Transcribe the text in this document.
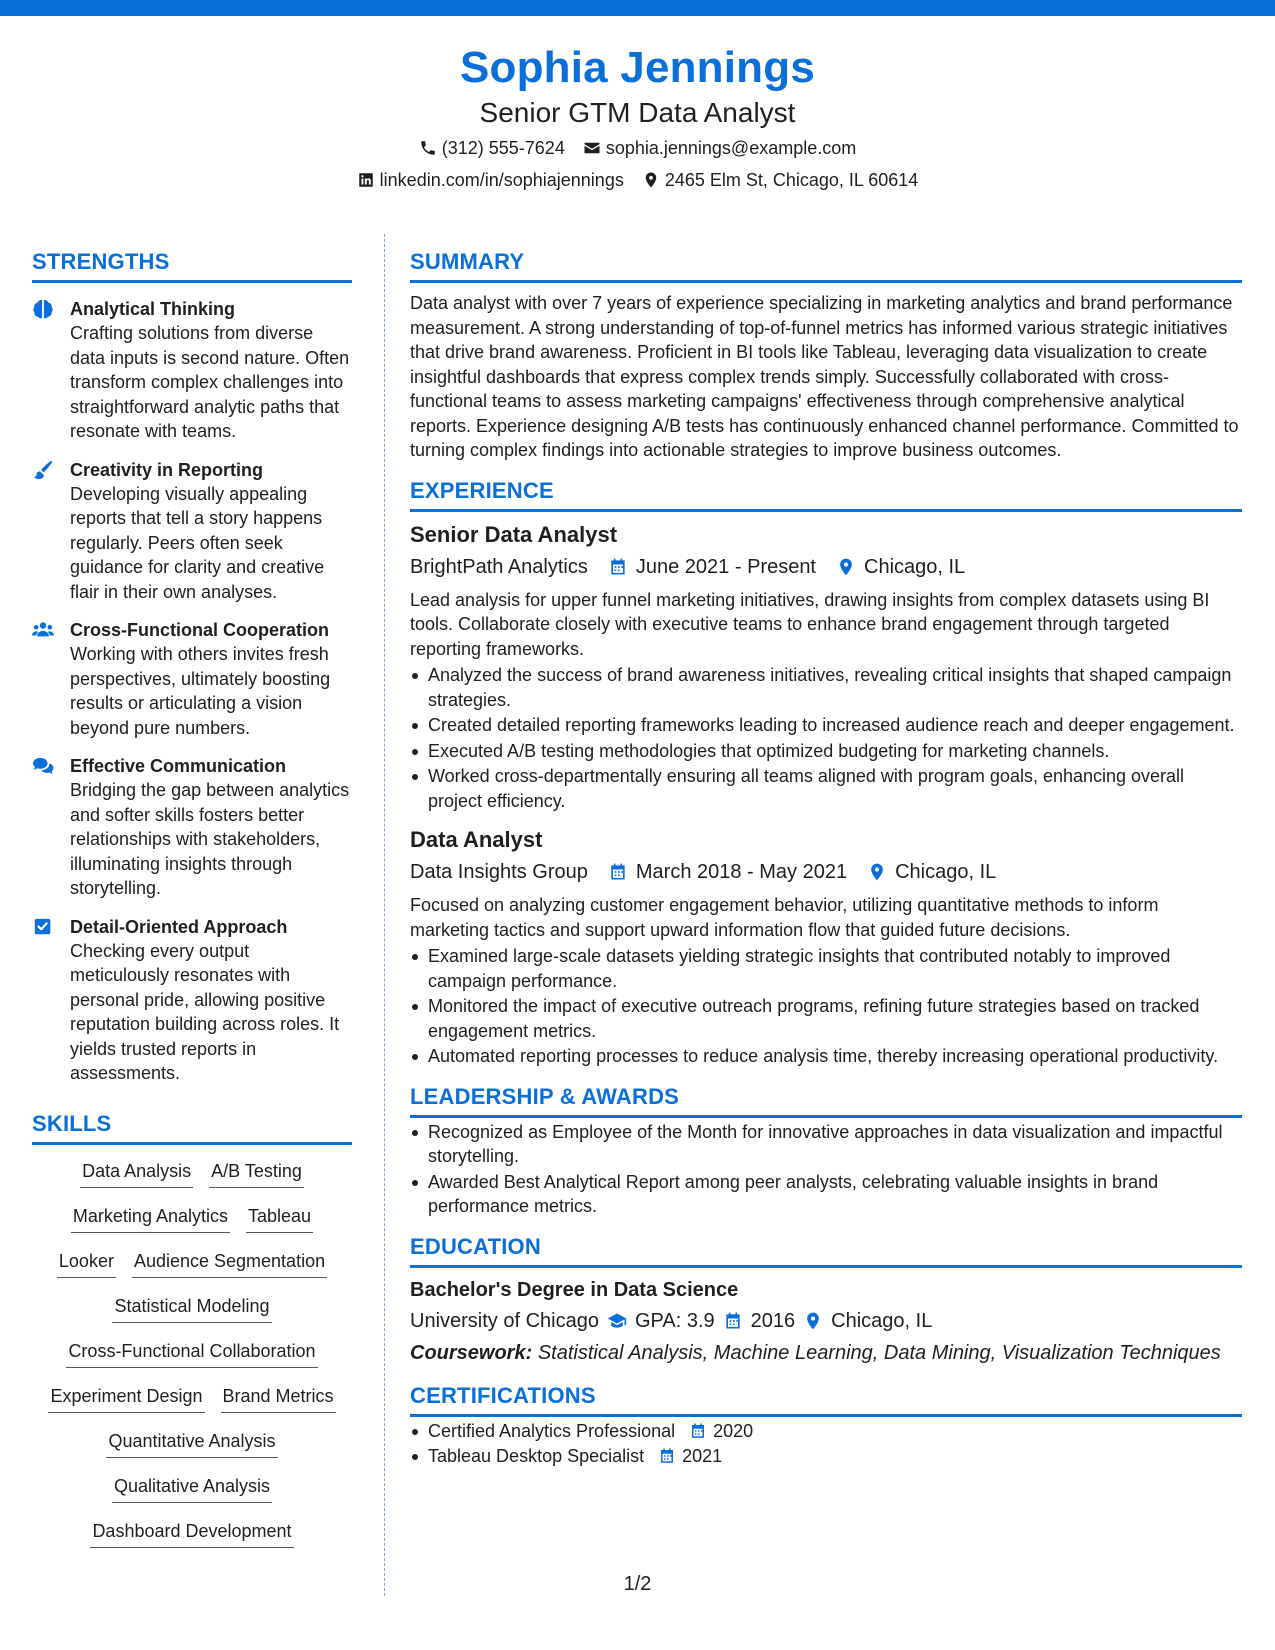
Sophia Jennings
Senior GTM Data Analyst
(312) 555-7624 sophia.jennings@example.com
linkedin.com/in/sophiajennings 2465 Elm St, Chicago, IL 60614
STRENGTHS
Analytical Thinking
Crafting solutions from diverse data inputs is second nature. Often transform complex challenges into straightforward analytic paths that resonate with teams.
Creativity in Reporting
Developing visually appealing reports that tell a story happens regularly. Peers often seek guidance for clarity and creative flair in their own analyses.
Cross-Functional Cooperation
Working with others invites fresh perspectives, ultimately boosting results or articulating a vision beyond pure numbers.
Effective Communication
Bridging the gap between analytics and softer skills fosters better relationships with stakeholders, illuminating insights through storytelling.
Detail-Oriented Approach
Checking every output meticulously resonates with personal pride, allowing positive reputation building across roles. It yields trusted reports in assessments.
SKILLS
Data Analysis A/B Testing
Marketing Analytics Tableau
Looker Audience Segmentation
Statistical Modeling
Cross-Functional Collaboration
Experiment Design Brand Metrics
Quantitative Analysis
Qualitative Analysis
Dashboard Development
SUMMARY
Data analyst with over 7 years of experience specializing in marketing analytics and brand performance measurement. A strong understanding of top-of-funnel metrics has informed various strategic initiatives that drive brand awareness. Proficient in BI tools like Tableau, leveraging data visualization to create insightful dashboards that express complex trends simply. Successfully collaborated with cross-functional teams to assess marketing campaigns' effectiveness through comprehensive analytical reports. Experience designing A/B tests has continuously enhanced channel performance. Committed to turning complex findings into actionable strategies to improve business outcomes.
EXPERIENCE
Senior Data Analyst
BrightPath Analytics June 2021 - Present Chicago, IL
Lead analysis for upper funnel marketing initiatives, drawing insights from complex datasets using BI tools. Collaborate closely with executive teams to enhance brand engagement through targeted reporting frameworks.
Analyzed the success of brand awareness initiatives, revealing critical insights that shaped campaign strategies.
Created detailed reporting frameworks leading to increased audience reach and deeper engagement.
Executed A/B testing methodologies that optimized budgeting for marketing channels.
Worked cross-departmentally ensuring all teams aligned with program goals, enhancing overall project efficiency.
Data Analyst
Data Insights Group March 2018 - May 2021 Chicago, IL
Focused on analyzing customer engagement behavior, utilizing quantitative methods to inform marketing tactics and support upward information flow that guided future decisions.
Examined large-scale datasets yielding strategic insights that contributed notably to improved campaign performance.
Monitored the impact of executive outreach programs, refining future strategies based on tracked engagement metrics.
Automated reporting processes to reduce analysis time, thereby increasing operational productivity.
LEADERSHIP & AWARDS
Recognized as Employee of the Month for innovative approaches in data visualization and impactful storytelling.
Awarded Best Analytical Report among peer analysts, celebrating valuable insights in brand performance metrics.
EDUCATION
Bachelor's Degree in Data Science
University of Chicago GPA: 3.9 2016 Chicago, IL
Coursework: Statistical Analysis, Machine Learning, Data Mining, Visualization Techniques
CERTIFICATIONS
Certified Analytics Professional 2020
Tableau Desktop Specialist 2021
1/2
